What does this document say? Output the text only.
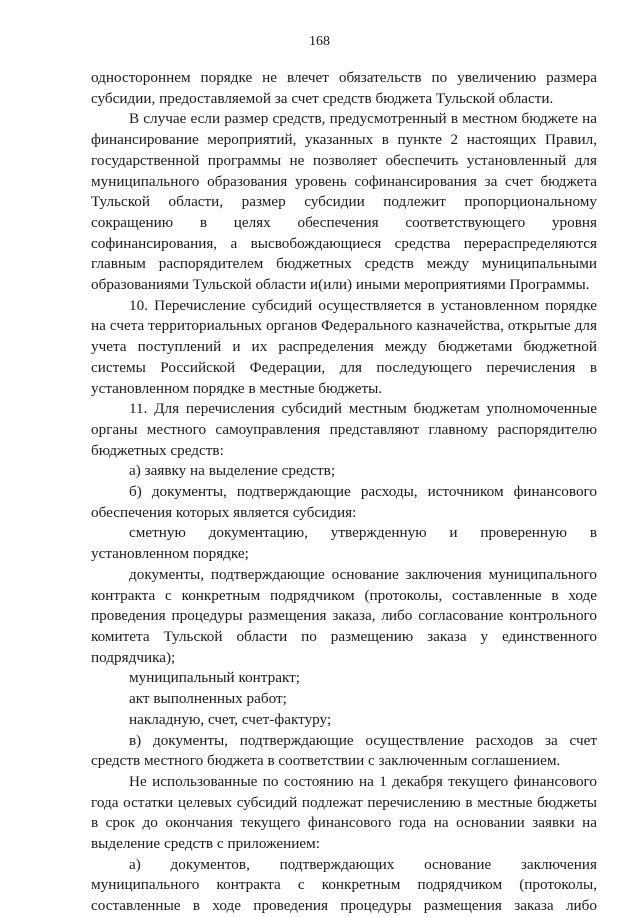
168

одностороннем порядке не влечет обязательств по увеличению размера субсидии, предоставляемой за счет средств бюджета Тульской области.

В случае если размер средств, предусмотренный в местном бюджете на финансирование мероприятий, указанных в пункте 2 настоящих Правил, государственной программы не позволяет обеспечить установленный для муниципального образования уровень софинансирования за счет бюджета Тульской области, размер субсидии подлежит пропорциональному сокращению в целях обеспечения соответствующего уровня софинансирования, а высвобождающиеся средства перераспределяются главным распорядителем бюджетных средств между муниципальными образованиями Тульской области и(или) иными мероприятиями Программы.

10. Перечисление субсидий осуществляется в установленном порядке на счета территориальных органов Федерального казначейства, открытые для учета поступлений и их распределения между бюджетами бюджетной системы Российской Федерации, для последующего перечисления в установленном порядке в местные бюджеты.

11. Для перечисления субсидий местным бюджетам уполномоченные органы местного самоуправления представляют главному распорядителю бюджетных средств:

а) заявку на выделение средств;

б) документы, подтверждающие расходы, источником финансового обеспечения которых является субсидия:

сметную документацию, утвержденную и проверенную в установленном порядке;

документы, подтверждающие основание заключения муниципального контракта с конкретным подрядчиком (протоколы, составленные в ходе проведения процедуры размещения заказа, либо согласование контрольного комитета Тульской области по размещению заказа у единственного подрядчика);

муниципальный контракт;

акт выполненных работ;

накладную, счет, счет-фактуру;

в) документы, подтверждающие осуществление расходов за счет средств местного бюджета в соответствии с заключенным соглашением.

Не использованные по состоянию на 1 декабря текущего финансового года остатки целевых субсидий подлежат перечислению в местные бюджеты в срок до окончания текущего финансового года на основании заявки на выделение средств с приложением:

а) документов, подтверждающих основание заключения муниципального контракта с конкретным подрядчиком (протоколы, составленные в ходе проведения процедуры размещения заказа либо
